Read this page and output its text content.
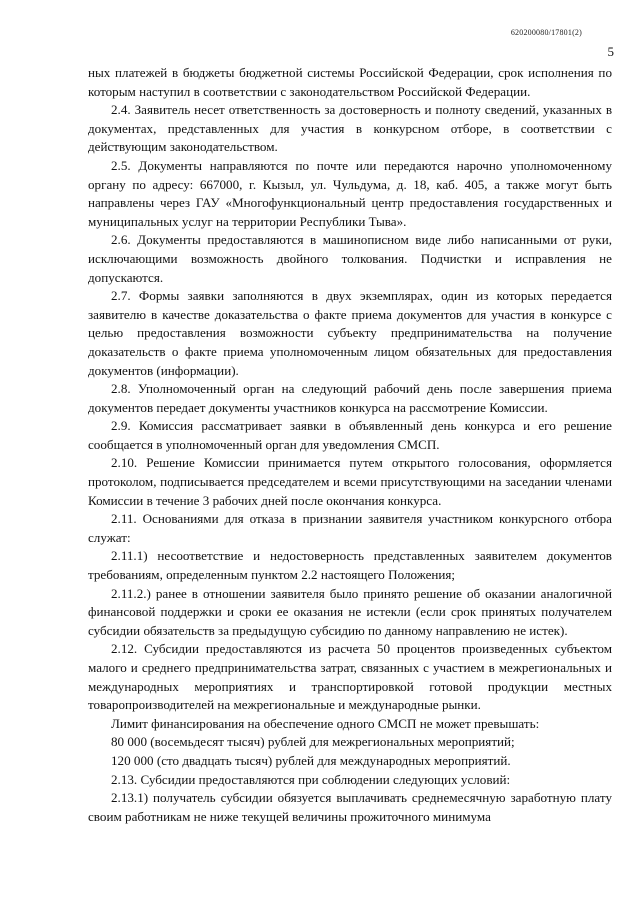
620200080/17801(2)
5

ных платежей в бюджеты бюджетной системы Российской Федерации, срок исполнения по которым наступил в соответствии с законодательством Российской Федерации.

2.4. Заявитель несет ответственность за достоверность и полноту сведений, указанных в документах, представленных для участия в конкурсном отборе, в соответствии с действующим законодательством.

2.5. Документы направляются по почте или передаются нарочно уполномоченному органу по адресу: 667000, г. Кызыл, ул. Чульдума, д. 18, каб. 405, а также могут быть направлены через ГАУ «Многофункциональный центр предоставления государственных и муниципальных услуг на территории Республики Тыва».

2.6. Документы предоставляются в машинописном виде либо написанными от руки, исключающими возможность двойного толкования. Подчистки и исправления не допускаются.

2.7. Формы заявки заполняются в двух экземплярах, один из которых передается заявителю в качестве доказательства о факте приема документов для участия в конкурсе с целью предоставления возможности субъекту предпринимательства на получение доказательств о факте приема уполномоченным лицом обязательных для предоставления документов (информации).

2.8. Уполномоченный орган на следующий рабочий день после завершения приема документов передает документы участников конкурса на рассмотрение Комиссии.

2.9. Комиссия рассматривает заявки в объявленный день конкурса и его решение сообщается в уполномоченный орган для уведомления СМСП.

2.10. Решение Комиссии принимается путем открытого голосования, оформляется протоколом, подписывается председателем и всеми присутствующими на заседании членами Комиссии в течение 3 рабочих дней после окончания конкурса.

2.11. Основаниями для отказа в признании заявителя участником конкурсного отбора служат:

2.11.1) несоответствие и недостоверность представленных заявителем документов требованиям, определенным пунктом 2.2 настоящего Положения;

2.11.2.) ранее в отношении заявителя было принято решение об оказании аналогичной финансовой поддержки и сроки ее оказания не истекли (если срок принятых получателем субсидии обязательств за предыдущую субсидию по данному направлению не истек).

2.12. Субсидии предоставляются из расчета 50 процентов произведенных субъектом малого и среднего предпринимательства затрат, связанных с участием в межрегиональных и международных мероприятиях и транспортировкой готовой продукции местных товаропроизводителей на межрегиональные и международные рынки.

Лимит финансирования на обеспечение одного СМСП не может превышать:

80 000 (восемьдесят тысяч) рублей для межрегиональных мероприятий;

120 000 (сто двадцать тысяч) рублей для международных мероприятий.

2.13. Субсидии предоставляются при соблюдении следующих условий:

2.13.1) получатель субсидии обязуется выплачивать среднемесячную заработную плату своим работникам не ниже текущей величины прожиточного минимума
